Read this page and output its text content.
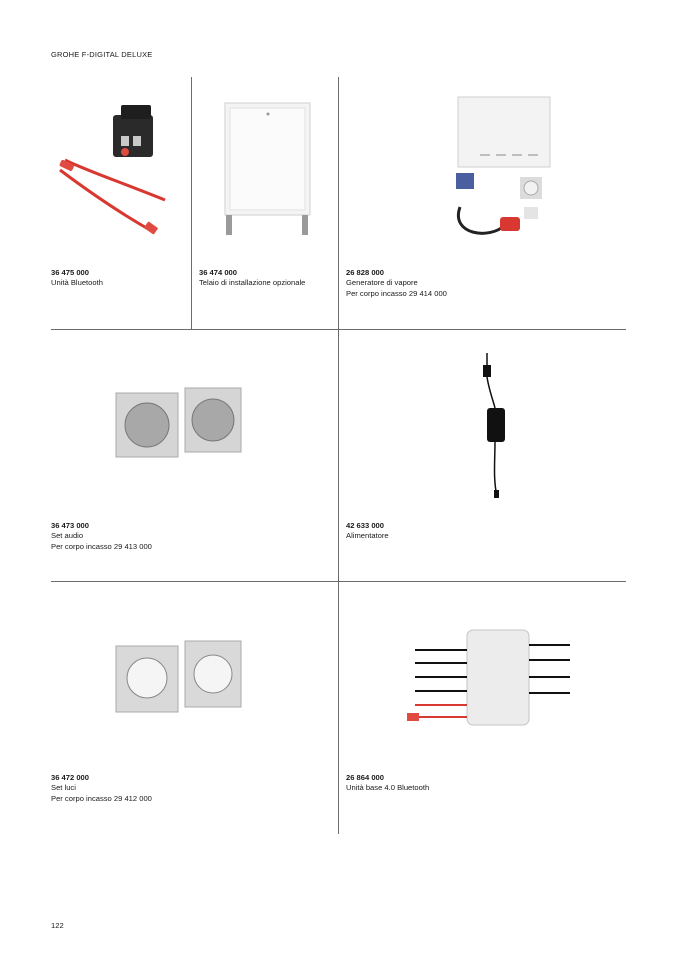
GROHE F-DIGITAL DELUXE
36 475 000
Unità Bluetooth
36 474 000
Telaio di installazione opzionale
26 828 000
Generatore di vapore
Per corpo incasso 29 414 000
36 473 000
Set audio
Per corpo incasso 29 413 000
42 633 000
Alimentatore
36 472 000
Set luci
Per corpo incasso 29 412 000
26 864 000
Unità base 4.0 Bluetooth
122
